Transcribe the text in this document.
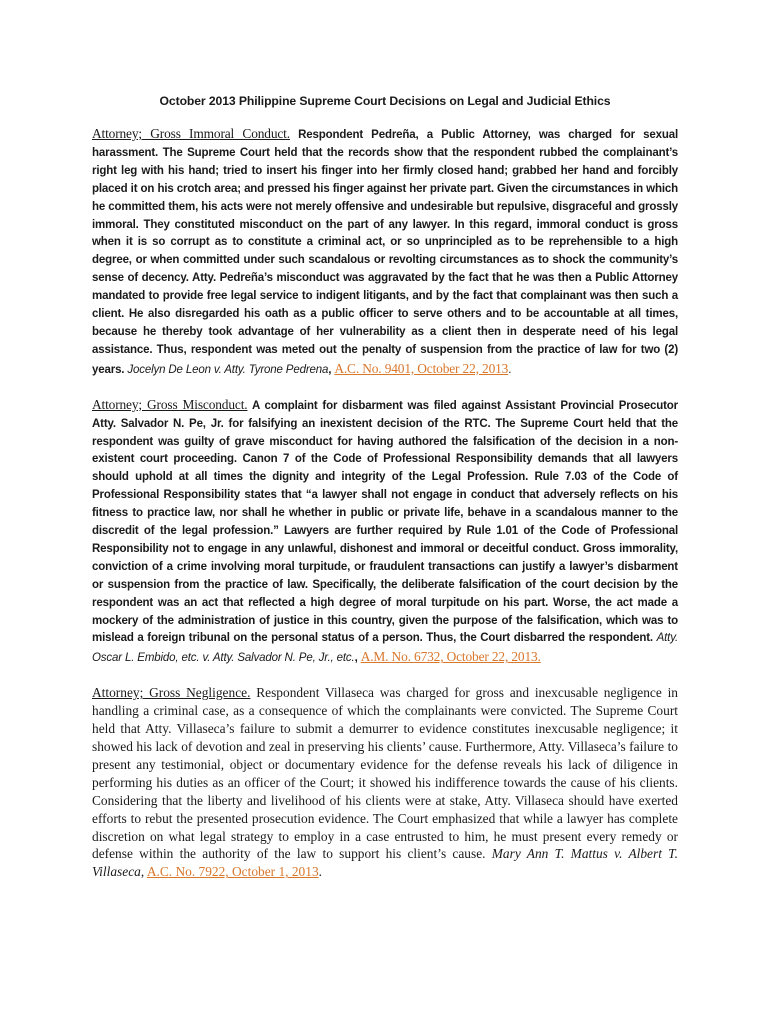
October 2013 Philippine Supreme Court Decisions on Legal and Judicial Ethics

Attorney; Gross Immoral Conduct. Respondent Pedreña, a Public Attorney, was charged for sexual harassment. The Supreme Court held that the records show that the respondent rubbed the complainant’s right leg with his hand; tried to insert his finger into her firmly closed hand; grabbed her hand and forcibly placed it on his crotch area; and pressed his finger against her private part. Given the circumstances in which he committed them, his acts were not merely offensive and undesirable but repulsive, disgraceful and grossly immoral. They constituted misconduct on the part of any lawyer. In this regard, immoral conduct is gross when it is so corrupt as to constitute a criminal act, or so unprincipled as to be reprehensible to a high degree, or when committed under such scandalous or revolting circumstances as to shock the community’s sense of decency. Atty. Pedreña’s misconduct was aggravated by the fact that he was then a Public Attorney mandated to provide free legal service to indigent litigants, and by the fact that complainant was then such a client. He also disregarded his oath as a public officer to serve others and to be accountable at all times, because he thereby took advantage of her vulnerability as a client then in desperate need of his legal assistance. Thus, respondent was meted out the penalty of suspension from the practice of law for two (2) years. Jocelyn De Leon v. Atty. Tyrone Pedrena, A.C. No. 9401, October 22, 2013.

Attorney; Gross Misconduct. A complaint for disbarment was filed against Assistant Provincial Prosecutor Atty. Salvador N. Pe, Jr. for falsifying an inexistent decision of the RTC. The Supreme Court held that the respondent was guilty of grave misconduct for having authored the falsification of the decision in a non-existent court proceeding. Canon 7 of the Code of Professional Responsibility demands that all lawyers should uphold at all times the dignity and integrity of the Legal Profession. Rule 7.03 of the Code of Professional Responsibility states that “a lawyer shall not engage in conduct that adversely reflects on his fitness to practice law, nor shall he whether in public or private life, behave in a scandalous manner to the discredit of the legal profession.” Lawyers are further required by Rule 1.01 of the Code of Professional Responsibility not to engage in any unlawful, dishonest and immoral or deceitful conduct. Gross immorality, conviction of a crime involving moral turpitude, or fraudulent transactions can justify a lawyer’s disbarment or suspension from the practice of law. Specifically, the deliberate falsification of the court decision by the respondent was an act that reflected a high degree of moral turpitude on his part. Worse, the act made a mockery of the administration of justice in this country, given the purpose of the falsification, which was to mislead a foreign tribunal on the personal status of a person. Thus, the Court disbarred the respondent. Atty. Oscar L. Embido, etc. v. Atty. Salvador N. Pe, Jr., etc., A.M. No. 6732, October 22, 2013.

Attorney; Gross Negligence. Respondent Villaseca was charged for gross and inexcusable negligence in handling a criminal case, as a consequence of which the complainants were convicted. The Supreme Court held that Atty. Villaseca’s failure to submit a demurrer to evidence constitutes inexcusable negligence; it showed his lack of devotion and zeal in preserving his clients’ cause. Furthermore, Atty. Villaseca’s failure to present any testimonial, object or documentary evidence for the defense reveals his lack of diligence in performing his duties as an officer of the Court; it showed his indifference towards the cause of his clients. Considering that the liberty and livelihood of his clients were at stake, Atty. Villaseca should have exerted efforts to rebut the presented prosecution evidence. The Court emphasized that while a lawyer has complete discretion on what legal strategy to employ in a case entrusted to him, he must present every remedy or defense within the authority of the law to support his client’s cause. Mary Ann T. Mattus v. Albert T. Villaseca, A.C. No. 7922, October 1, 2013.
